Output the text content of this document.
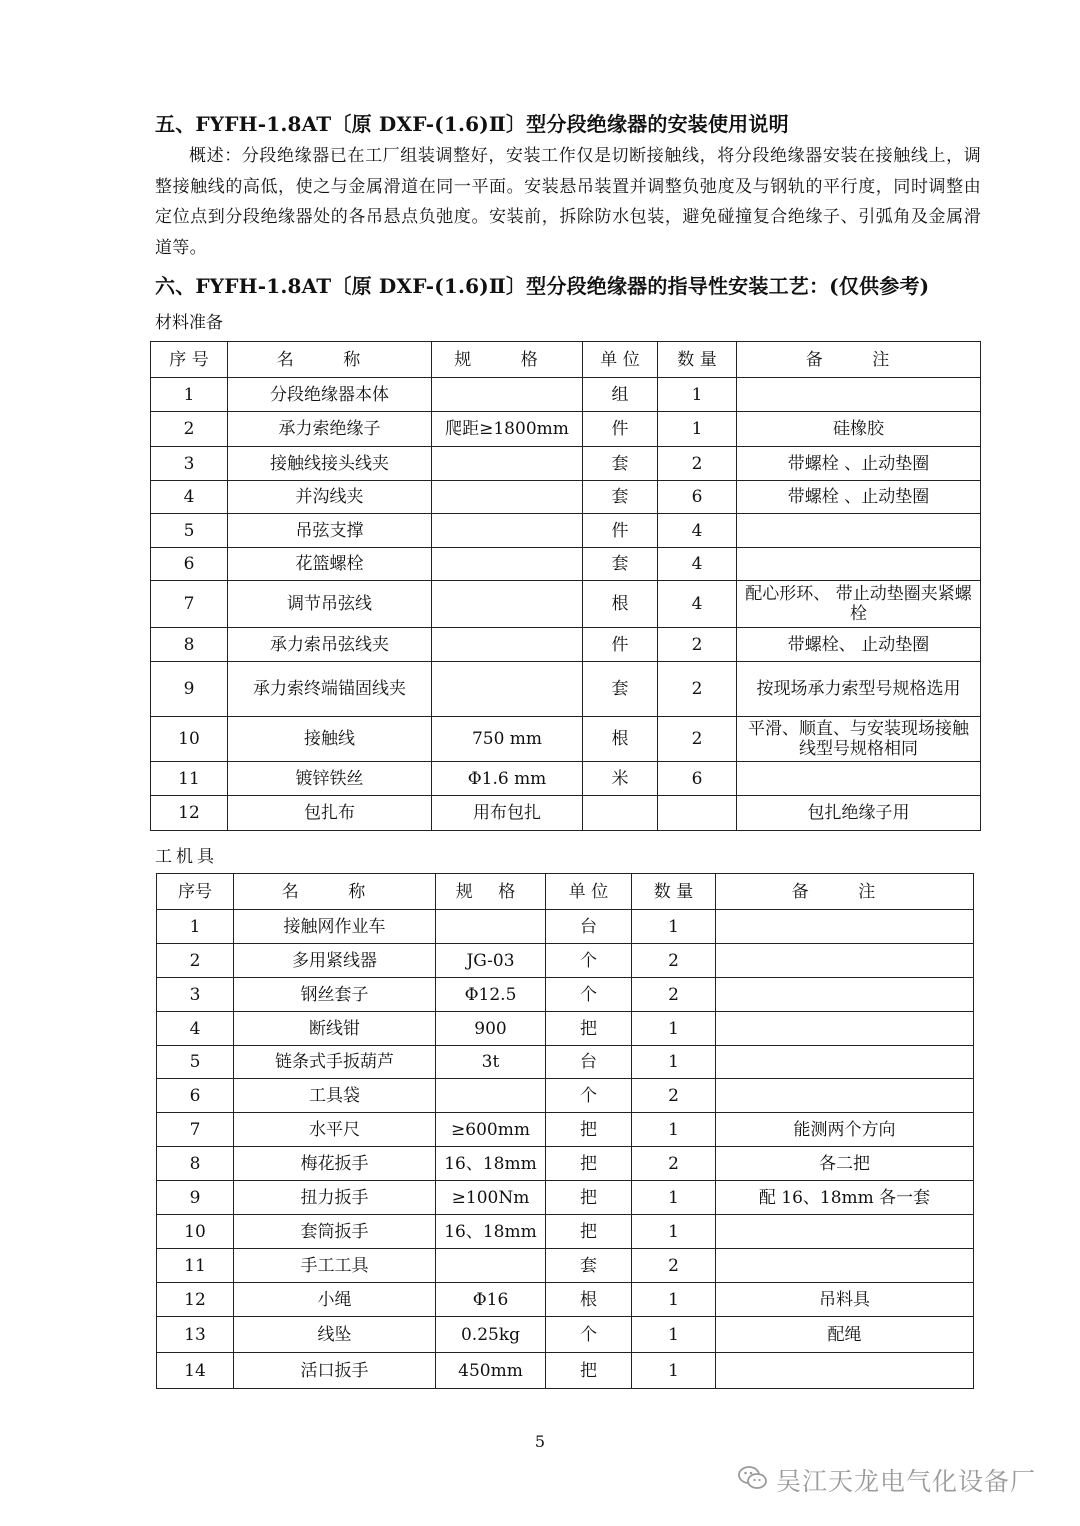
五、FYFH-1.8AT〔原 DXF-(1.6)Ⅱ〕型分段绝缘器的安装使用说明
概述：分段绝缘器已在工厂组装调整好，安装工作仅是切断接触线，将分段绝缘器安装在接触线上，调整接触线的高低，使之与金属滑道在同一平面。安装悬吊装置并调整负弛度及与钢轨的平行度，同时调整由定位点到分段绝缘器处的各吊悬点负弛度。安装前，拆除防水包装，避免碰撞复合绝缘子、引弧角及金属滑道等。
六、FYFH-1.8AT〔原 DXF-(1.6)Ⅱ〕型分段绝缘器的指导性安装工艺：(仅供参考)
材料准备
序 号	名 称	规 格	单 位	数 量	备 注
1	分段绝缘器本体		组	1	
2	承力索绝缘子	爬距≥1800mm	件	1	硅橡胶
3	接触线接头线夹		套	2	带螺栓 、止动垫圈
4	并沟线夹		套	6	带螺栓 、止动垫圈
5	吊弦支撑		件	4	
6	花篮螺栓		套	4	
7	调节吊弦线		根	4	配心形环、 带止动垫圈夹紧螺栓
8	承力索吊弦线夹		件	2	带螺栓、 止动垫圈
9	承力索终端锚固线夹		套	2	按现场承力索型号规格选用
10	接触线	750 mm	根	2	平滑、顺直、与安装现场接触线型号规格相同
11	镀锌铁丝	Φ1.6 mm	米	6	
12	包扎布	用布包扎			包扎绝缘子用
工机具
序号	名 称	规 格	单 位	数 量	备 注
1	接触网作业车		台	1	
2	多用紧线器	JG-03	个	2	
3	钢丝套子	Φ12.5	个	2	
4	断线钳	900	把	1	
5	链条式手扳葫芦	3t	台	1	
6	工具袋		个	2	
7	水平尺	≥600mm	把	1	能测两个方向
8	梅花扳手	16、18mm	把	2	各二把
9	扭力扳手	≥100Nm	把	1	配 16、18mm 各一套
10	套筒扳手	16、18mm	把	1	
11	手工工具		套	2	
12	小绳	Φ16	根	1	吊料具
13	线坠	0.25kg	个	1	配绳
14	活口扳手	450mm	把	1	
5
吴江天龙电气化设备厂
